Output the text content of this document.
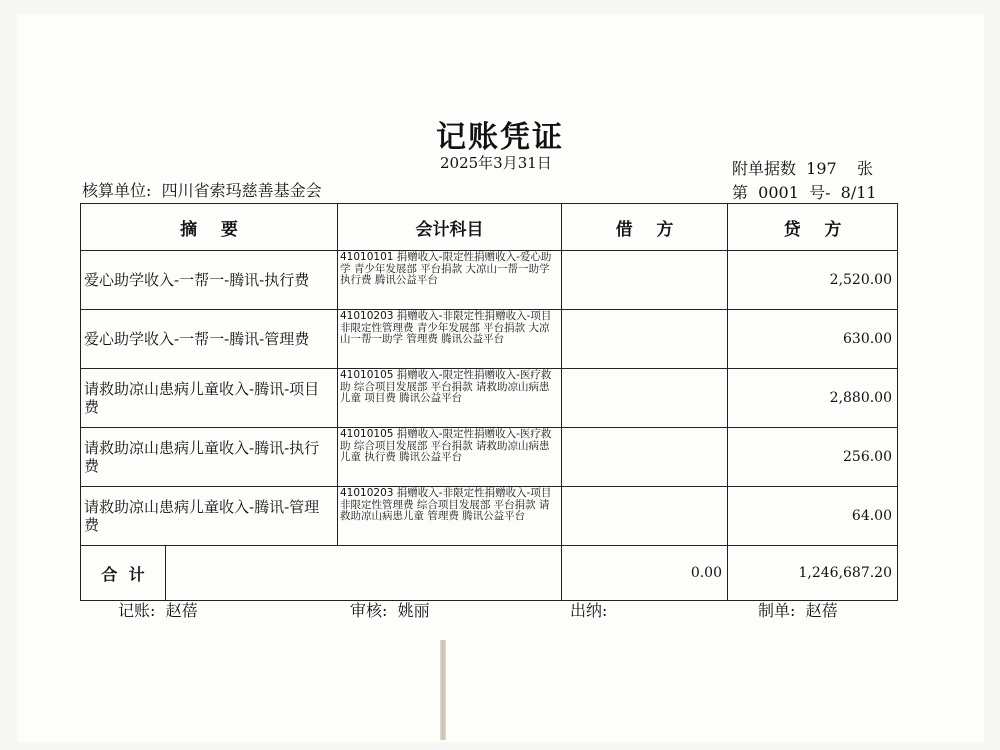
记账凭证
2025年3月31日	附单据数  197    张
核算单位:  四川省索玛慈善基金会	第  0001  号-  8/11
摘    要	会计科目	借    方	贷    方
爱心助学收入-一帮一-腾讯-执行费	41010101 捐赠收入-限定性捐赠收入-爱心助学 青少年发展部 平台捐款 大凉山一帮一助学 执行费 腾讯公益平台		2,520.00
爱心助学收入-一帮一-腾讯-管理费	41010203 捐赠收入-非限定性捐赠收入-项目非限定性管理费 青少年发展部 平台捐款 大凉山一帮一助学 管理费 腾讯公益平台		630.00
请救助凉山患病儿童收入-腾讯-项目费	41010105 捐赠收入-限定性捐赠收入-医疗救助 综合项目发展部 平台捐款 请救助凉山病患儿童 项目费 腾讯公益平台		2,880.00
请救助凉山患病儿童收入-腾讯-执行费	41010105 捐赠收入-限定性捐赠收入-医疗救助 综合项目发展部 平台捐款 请救助凉山病患儿童 执行费 腾讯公益平台		256.00
请救助凉山患病儿童收入-腾讯-管理费	41010203 捐赠收入-非限定性捐赠收入-项目非限定性管理费 综合项目发展部 平台捐款 请救助凉山病患儿童 管理费 腾讯公益平台		64.00

合  计		0.00	1,246,687.20
记账:  赵蓓	审核:  姚丽	出纳:	制单:  赵蓓
